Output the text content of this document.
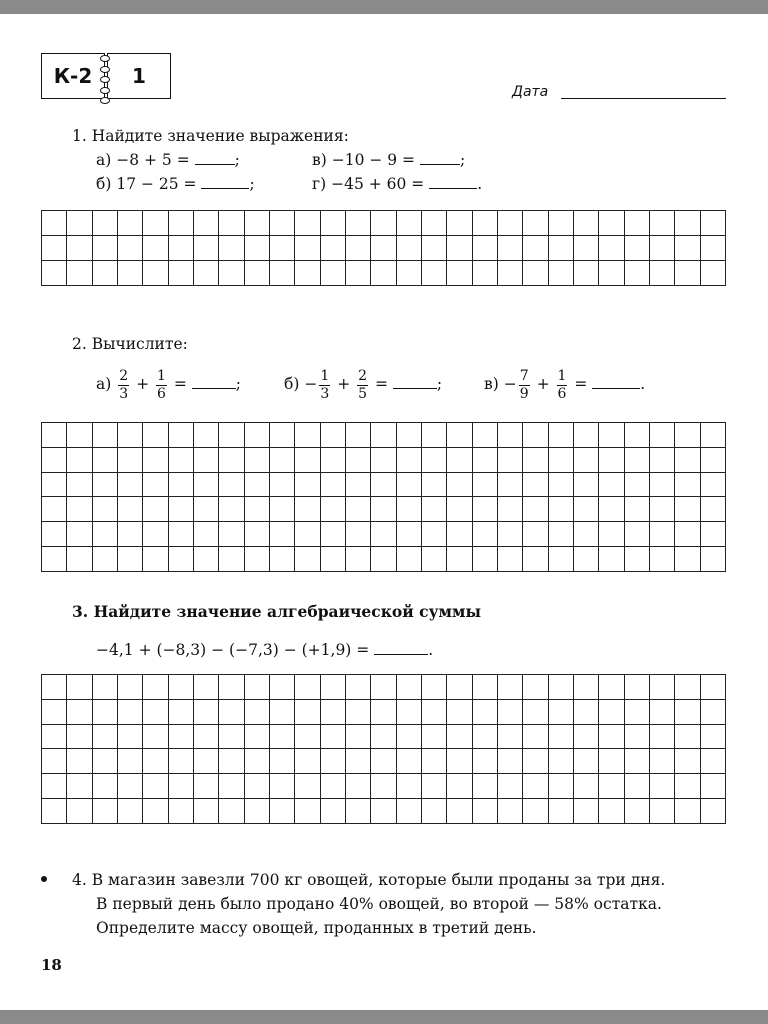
К-2	1
Дата
1. Найдите значение выражения:
а) −8 + 5 =	;	в) −10 − 9 =	;
б) 17 − 25 =	;	г) −45 + 60 =	.

2. Вычислите:
$а) \frac{2}{3} + \frac{1}{6}$ =	;	$б) - \frac{1}{3} + \frac{2}{5}$ =	;	$в) - \frac{7}{9} + \frac{1}{6}$ =	.

3. Найдите значение алгебраической суммы
−4,1 + (−8,3) − (−7,3) − (+1,9) =	.

4. В магазин завезли 700 кг овощей, которые были проданы за три дня.
В первый день было продано 40% овощей, во второй — 58% остатка.
Определите массу овощей, проданных в третий день.
18
